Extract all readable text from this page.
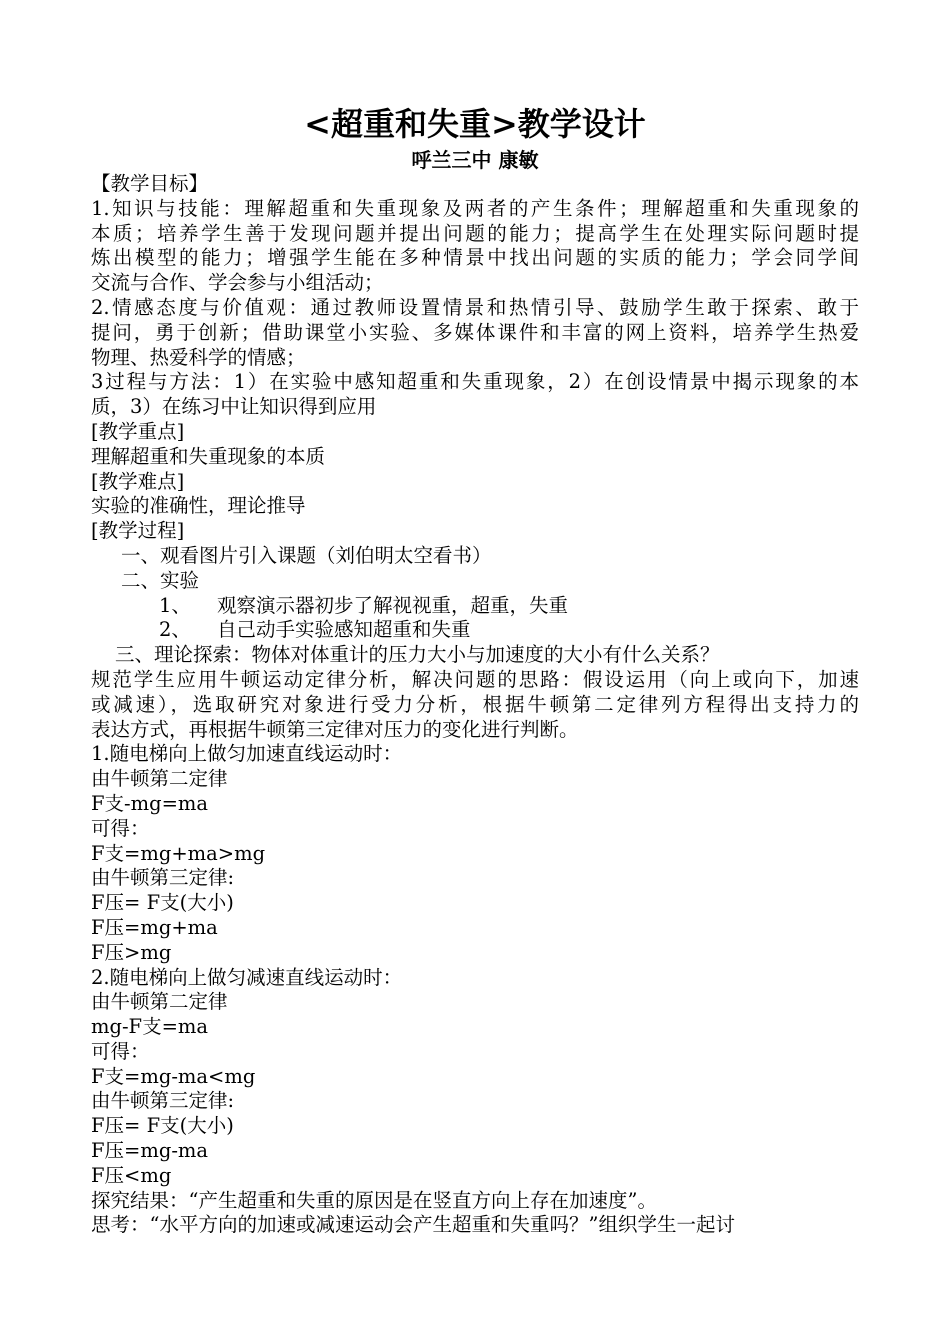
<超重和失重>教学设计
呼兰三中 康敏
【教学目标】
1.知识与技能：理解超重和失重现象及两者的产生条件；理解超重和失重现象的
本质；培养学生善于发现问题并提出问题的能力；提高学生在处理实际问题时提
炼出模型的能力；增强学生能在多种情景中找出问题的实质的能力；学会同学间
交流与合作、学会参与小组活动；
2.情感态度与价值观：通过教师设置情景和热情引导、鼓励学生敢于探索、敢于
提问，勇于创新；借助课堂小实验、多媒体课件和丰富的网上资料，培养学生热爱
物理、热爱科学的情感；
3过程与方法：1）在实验中感知超重和失重现象，2）在创设情景中揭示现象的本
质，3）在练习中让知识得到应用
[教学重点]
理解超重和失重现象的本质
[教学难点]
实验的准确性，理论推导
[教学过程]
一、观看图片引入课题（刘伯明太空看书）
二、实验
1、 观察演示器初步了解视视重，超重，失重
2、 自己动手实验感知超重和失重
三、理论探索：物体对体重计的压力大小与加速度的大小有什么关系？
规范学生应用牛顿运动定律分析，解决问题的思路：假设运用（向上或向下，加速
或减速），选取研究对象进行受力分析，根据牛顿第二定律列方程得出支持力的
表达方式，再根据牛顿第三定律对压力的变化进行判断。
1.随电梯向上做匀加速直线运动时：
由牛顿第二定律
F支-mg=ma
可得：
F支=mg+ma>mg
由牛顿第三定律:
F压= F支(大小)
F压=mg+ma
F压>mg
2.随电梯向上做匀减速直线运动时：
由牛顿第二定律
mg-F支=ma
可得：
F支=mg-ma<mg
由牛顿第三定律:
F压= F支(大小)
F压=mg-ma
F压<mg
探究结果：“产生超重和失重的原因是在竖直方向上存在加速度”。
思考：“水平方向的加速或减速运动会产生超重和失重吗？”组织学生一起讨
